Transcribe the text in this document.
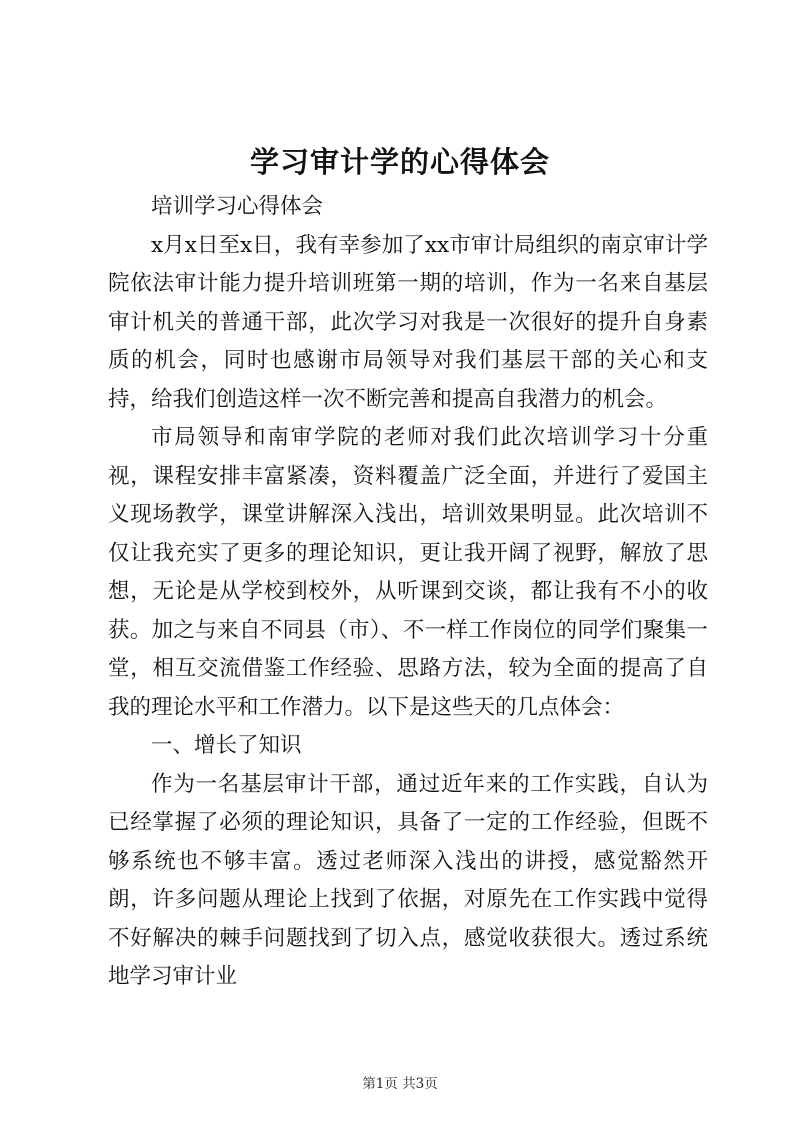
学习审计学的心得体会

培训学习心得体会

x月x日至x日，我有幸参加了xx市审计局组织的南京审计学院依法审计能力提升培训班第一期的培训，作为一名来自基层审计机关的普通干部，此次学习对我是一次很好的提升自身素质的机会，同时也感谢市局领导对我们基层干部的关心和支持，给我们创造这样一次不断完善和提高自我潜力的机会。

市局领导和南审学院的老师对我们此次培训学习十分重视，课程安排丰富紧凑，资料覆盖广泛全面，并进行了爱国主义现场教学，课堂讲解深入浅出，培训效果明显。此次培训不仅让我充实了更多的理论知识，更让我开阔了视野，解放了思想，无论是从学校到校外，从听课到交谈，都让我有不小的收获。加之与来自不同县（市）、不一样工作岗位的同学们聚集一堂，相互交流借鉴工作经验、思路方法，较为全面的提高了自我的理论水平和工作潜力。以下是这些天的几点体会：

一、增长了知识

作为一名基层审计干部，通过近年来的工作实践，自认为已经掌握了必须的理论知识，具备了一定的工作经验，但既不够系统也不够丰富。透过老师深入浅出的讲授，感觉豁然开朗，许多问题从理论上找到了依据，对原先在工作实践中觉得不好解决的棘手问题找到了切入点，感觉收获很大。透过系统地学习审计业

第1页 共3页
